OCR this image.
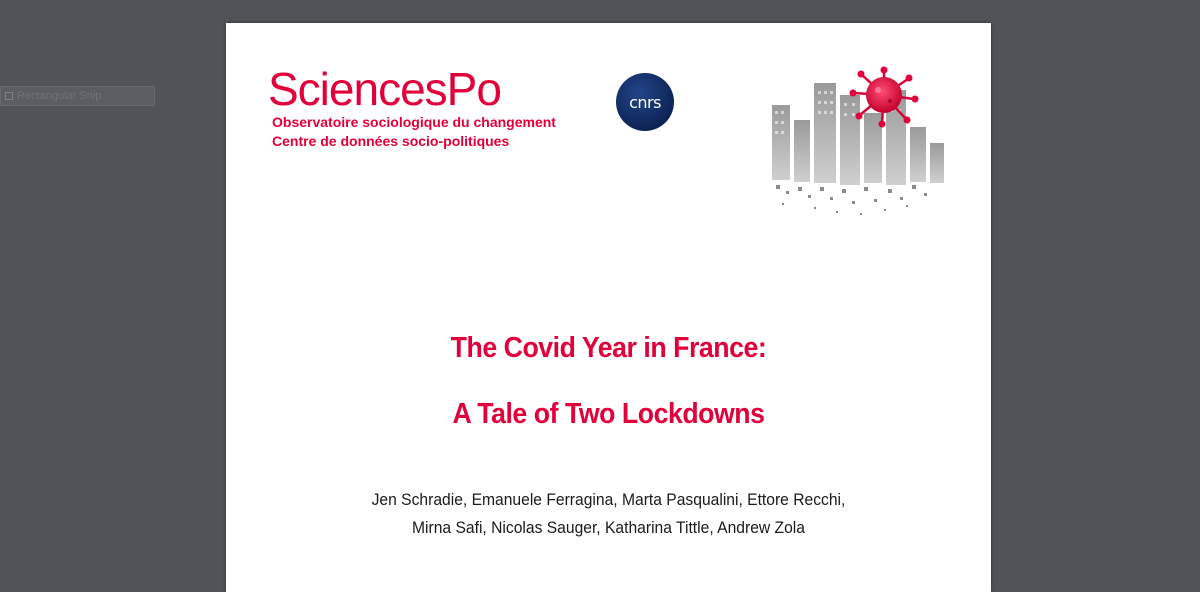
Rectangular Snip	SciencesPo
Observatoire sociologique du changement
Centre de données socio-politiques
cnrs
The Covid Year in France:
A Tale of Two Lockdowns
Jen Schradie, Emanuele Ferragina, Marta Pasqualini, Ettore Recchi,
Mirna Safi, Nicolas Sauger, Katharina Tittle, Andrew Zola
